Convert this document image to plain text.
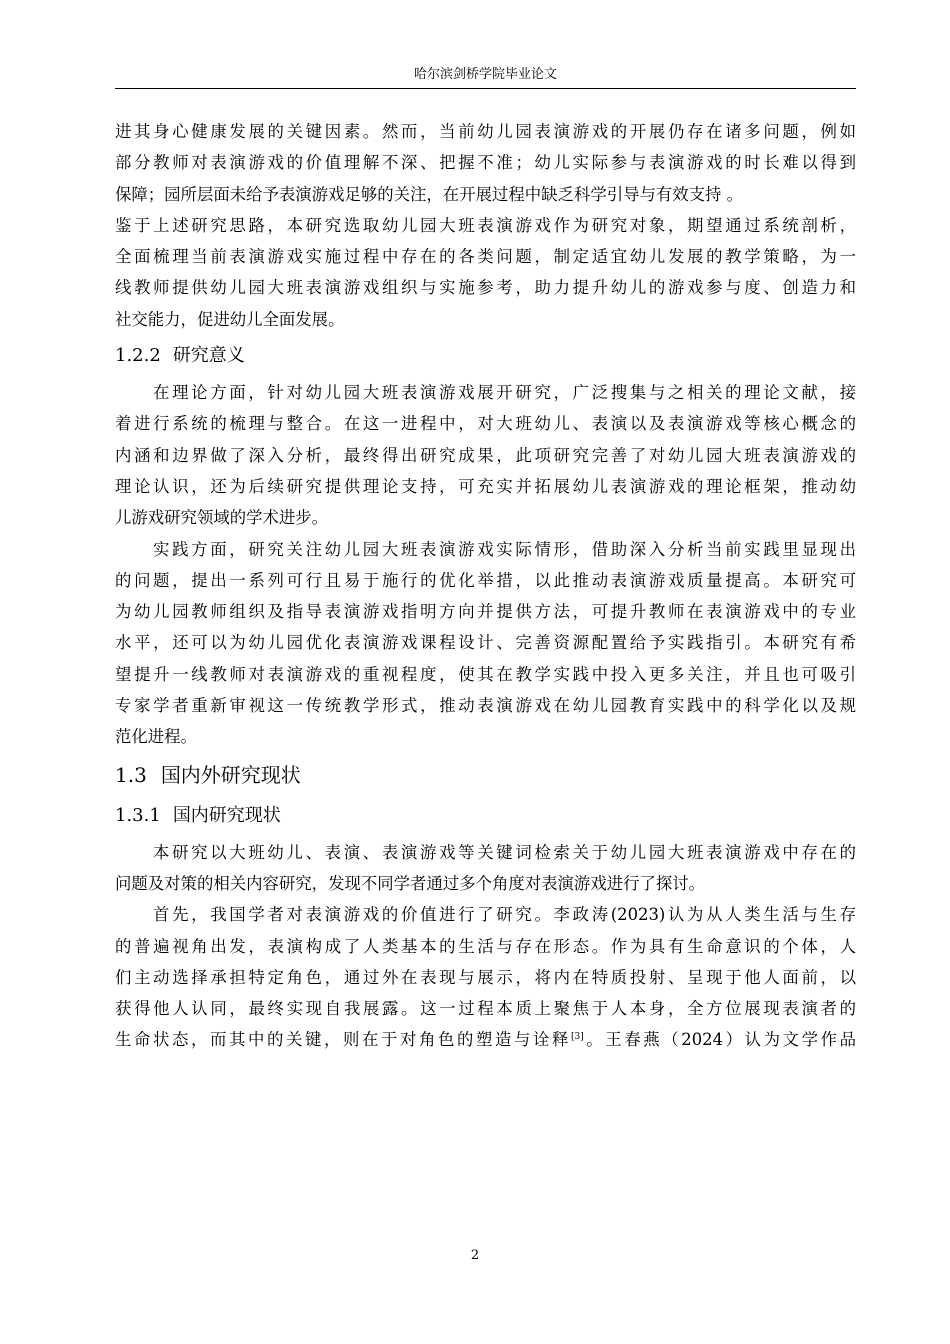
哈尔滨剑桥学院毕业论文
进其身心健康发展的关键因素。然而，当前幼儿园表演游戏的开展仍存在诸多问题，例如
部分教师对表演游戏的价值理解不深、把握不准；幼儿实际参与表演游戏的时长难以得到
保障；园所层面未给予表演游戏足够的关注，在开展过程中缺乏科学引导与有效支持 。
鉴于上述研究思路，本研究选取幼儿园大班表演游戏作为研究对象，期望通过系统剖析，
全面梳理当前表演游戏实施过程中存在的各类问题，制定适宜幼儿发展的教学策略，为一
线教师提供幼儿园大班表演游戏组织与实施参考，助力提升幼儿的游戏参与度、创造力和
社交能力，促进幼儿全面发展。
1.2.2 研究意义
在理论方面，针对幼儿园大班表演游戏展开研究，广泛搜集与之相关的理论文献，接
着进行系统的梳理与整合。在这一进程中，对大班幼儿、表演以及表演游戏等核心概念的
内涵和边界做了深入分析，最终得出研究成果，此项研究完善了对幼儿园大班表演游戏的
理论认识，还为后续研究提供理论支持，可充实并拓展幼儿表演游戏的理论框架，推动幼
儿游戏研究领域的学术进步。
实践方面，研究关注幼儿园大班表演游戏实际情形，借助深入分析当前实践里显现出
的问题，提出一系列可行且易于施行的优化举措，以此推动表演游戏质量提高。本研究可
为幼儿园教师组织及指导表演游戏指明方向并提供方法，可提升教师在表演游戏中的专业
水平，还可以为幼儿园优化表演游戏课程设计、完善资源配置给予实践指引。本研究有希
望提升一线教师对表演游戏的重视程度，使其在教学实践中投入更多关注，并且也可吸引
专家学者重新审视这一传统教学形式，推动表演游戏在幼儿园教育实践中的科学化以及规
范化进程。
1.3 国内外研究现状
1.3.1 国内研究现状
本研究以大班幼儿、表演、表演游戏等关键词检索关于幼儿园大班表演游戏中存在的
问题及对策的相关内容研究，发现不同学者通过多个角度对表演游戏进行了探讨。
首先，我国学者对表演游戏的价值进行了研究。李政涛(2023)认为从人类生活与生存
的普遍视角出发，表演构成了人类基本的生活与存在形态。作为具有生命意识的个体，人
们主动选择承担特定角色，通过外在表现与展示，将内在特质投射、呈现于他人面前，以
获得他人认同，最终实现自我展露。这一过程本质上聚焦于人本身，全方位展现表演者的
生命状态，而其中的关键，则在于对角色的塑造与诠释[3]。王春燕（2024）认为文学作品
2
